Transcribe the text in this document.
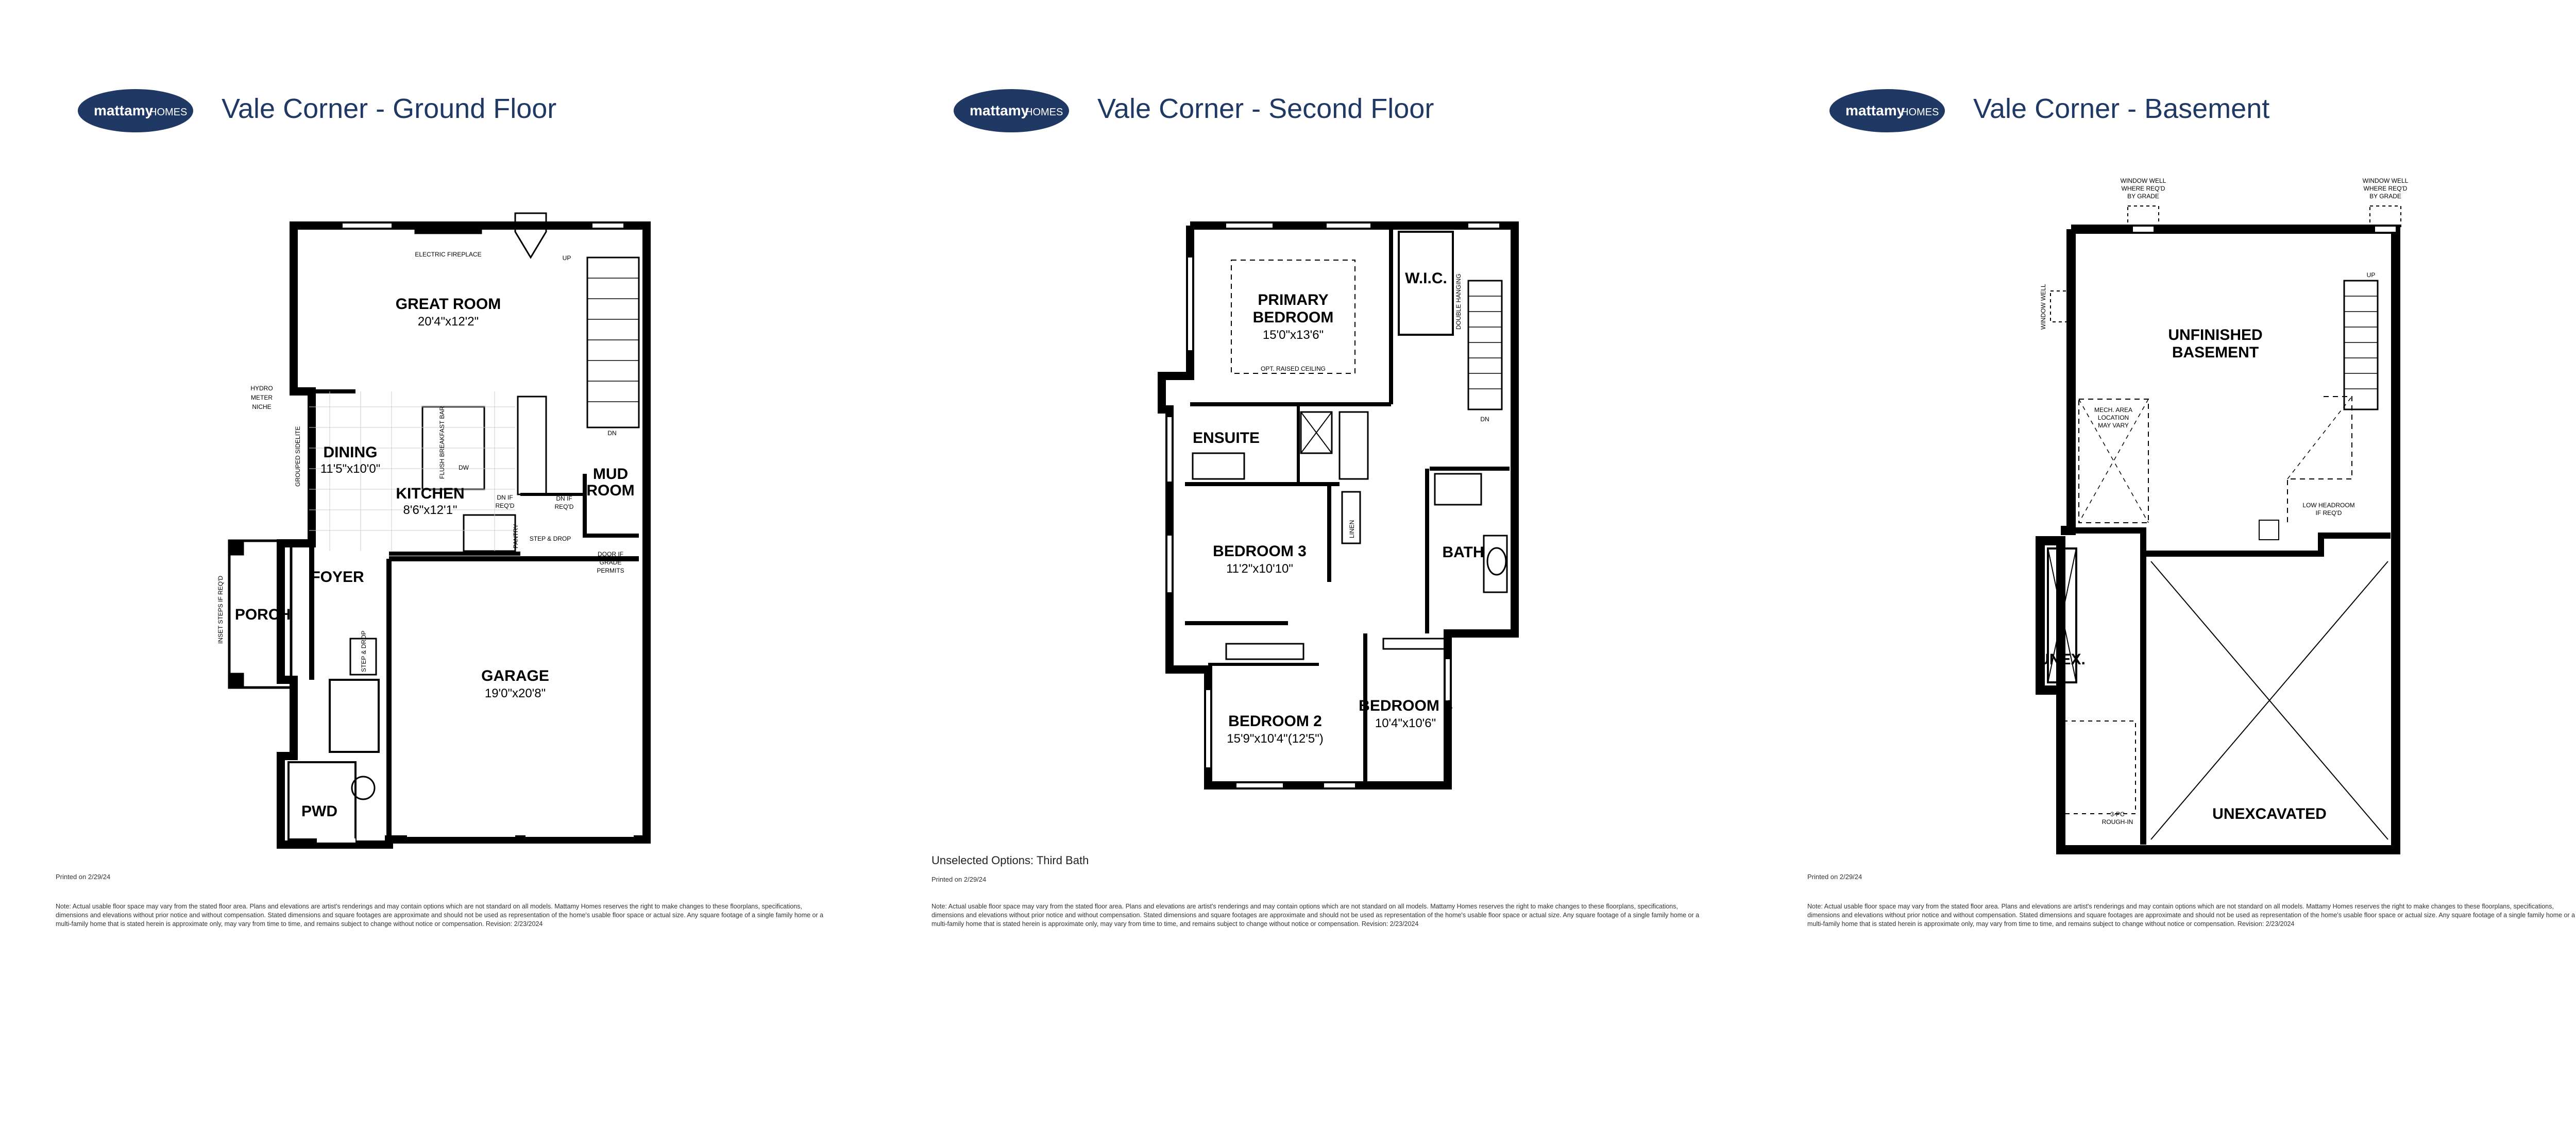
mattamy
HOMES Vale Corner - Ground Floor
GREAT ROOM
20'4"x12'2"
DINING
11'5"x10'0"
KITCHEN
8'6"x12'1"
MUD
ROOM
FOYER
PORCH
GARAGE
19'0"x20'8"
PWD
ELECTRIC FIREPLACE
HYDRO
METER
NICHE	FLUSH BREAKFAST BAR
GROUPED SIDELITE
INSET STEPS IF REQ'D
PANTRY
DW
DN IF
REQ'D
DN IF
REQ'D
STEP & DROP
DOOR IF
GRADE
PERMITS
UP
DN
STEP & DROP
Printed on 2/29/24
Note: Actual usable floor space may vary from the stated floor area. Plans and elevations are artist's renderings and may contain options which are not standard on all models. Mattamy Homes reserves the right to make changes to these floorplans, specifications, dimensions and elevations without prior notice and without compensation. Stated dimensions and square footages are approximate and should not be used as representation of the home's usable floor space or actual size. Any square footage of a single family home or a multi-family home that is stated herein is approximate only, may vary from time to time, and remains subject to change without notice or compensation. Revision: 2/23/2024
mattamy
HOMES Vale Corner - Second Floor
PRIMARY
BEDROOM
15'0"x13'6"
OPT. RAISED CEILING
W.I.C.
ENSUITE
BEDROOM 3
11'2"x10'10"
BATH
BEDROOM 2
15'9"x10'4"(12'5")
BEDROOM 4
10'4"x10'6"
DN
LINEN
DOUBLE HANGING
Unselected Options: Third Bath
Printed on 2/29/24
Note: Actual usable floor space may vary from the stated floor area. Plans and elevations are artist's renderings and may contain options which are not standard on all models. Mattamy Homes reserves the right to make changes to these floorplans, specifications, dimensions and elevations without prior notice and without compensation. Stated dimensions and square footages are approximate and should not be used as representation of the home's usable floor space or actual size. Any square footage of a single family home or a multi-family home that is stated herein is approximate only, may vary from time to time, and remains subject to change without notice or compensation. Revision: 2/23/2024
mattamy
HOMES Vale Corner - Basement
UNFINISHED
BASEMENT
UNEX.
UNEXCAVATED
WINDOW WELL
WHERE REQ'D
BY GRADE
WINDOW WELL
WHERE REQ'D
BY GRADE
WINDOW WELL
MECH. AREA
LOCATION
MAY VARY
LOW HEADROOM
IF REQ'D
3-PC
ROUGH-IN
UP
Printed on 2/29/24
Note: Actual usable floor space may vary from the stated floor area. Plans and elevations are artist's renderings and may contain options which are not standard on all models. Mattamy Homes reserves the right to make changes to these floorplans, specifications, dimensions and elevations without prior notice and without compensation. Stated dimensions and square footages are approximate and should not be used as representation of the home's usable floor space or actual size. Any square footage of a single family home or a multi-family home that is stated herein is approximate only, may vary from time to time, and remains subject to change without notice or compensation. Revision: 2/23/2024
